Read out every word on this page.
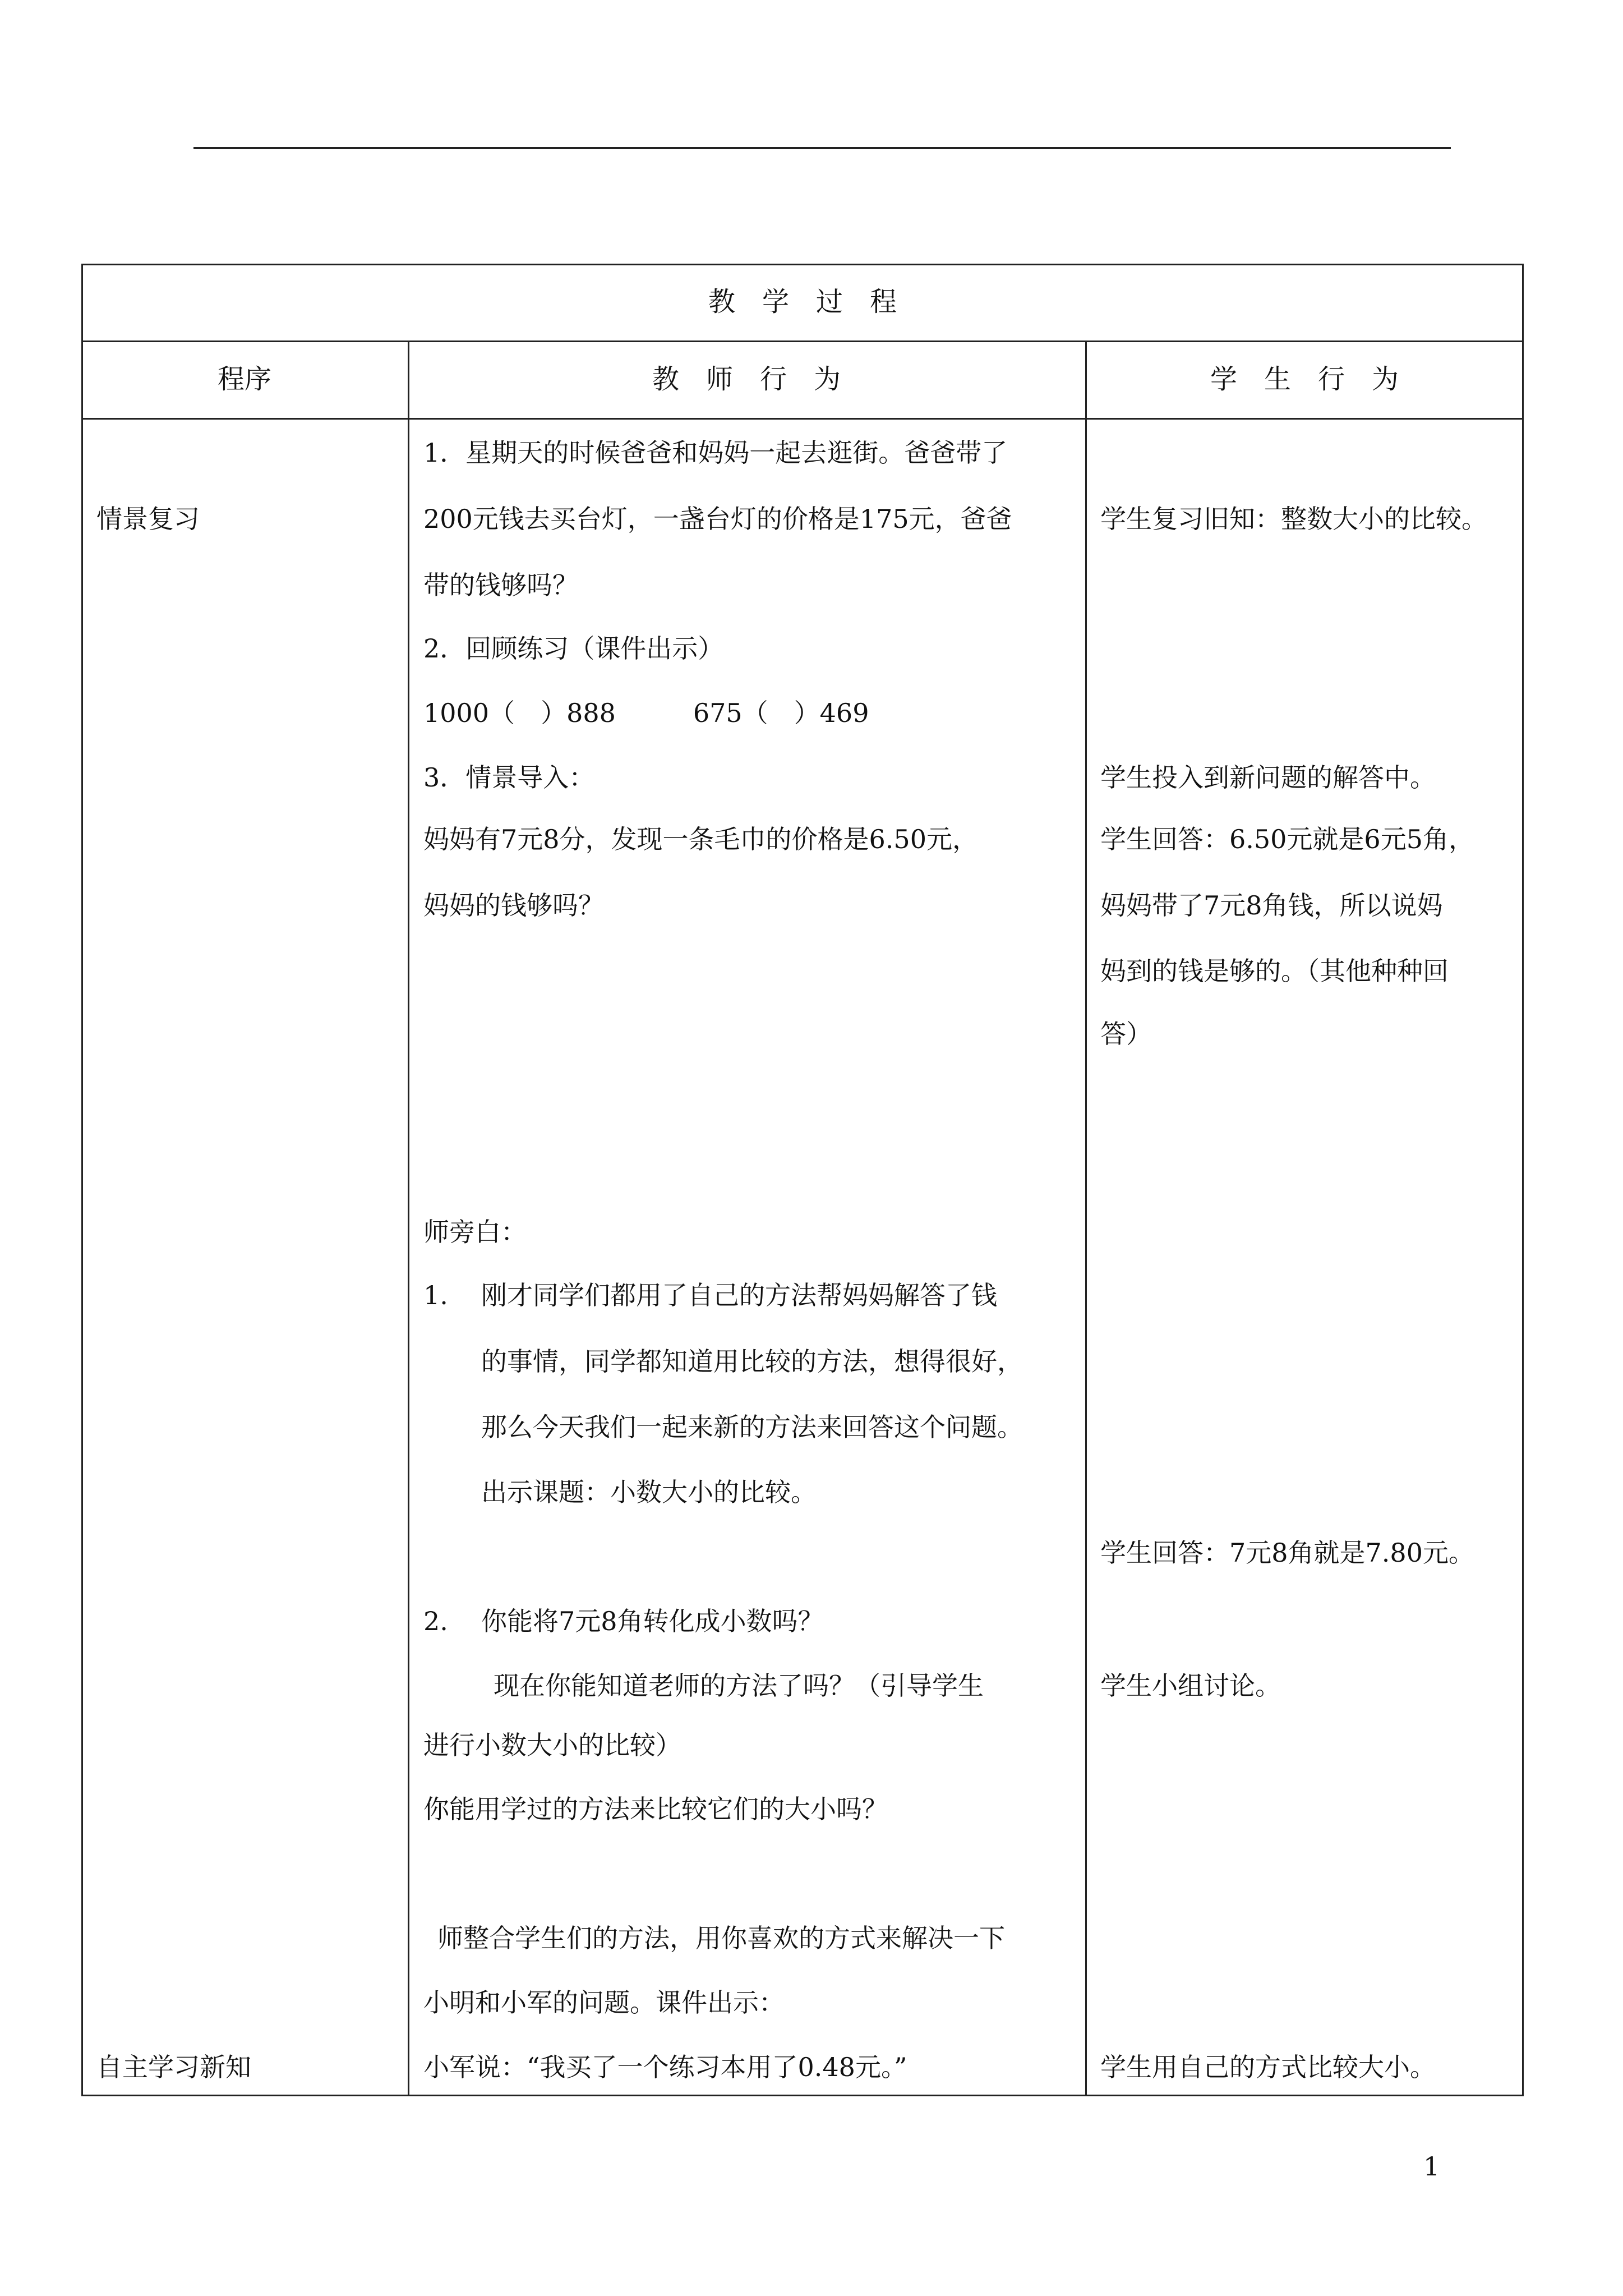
教　学　过　程
程序	教　师　行　为	学　生　行　为
情景复习
自主学习新知
1．星期天的时候爸爸和妈妈一起去逛街。爸爸带了
200元钱去买台灯，一盏台灯的价格是175元，爸爸
带的钱够吗？
2．回顾练习（课件出示）
1000（　）888　　　675（　）469
3．情景导入：
妈妈有7元8分，发现一条毛巾的价格是6.50元，
妈妈的钱够吗？
师旁白：
1. 刚才同学们都用了自己的方法帮妈妈解答了钱
的事情，同学都知道用比较的方法，想得很好，
那么今天我们一起来新的方法来回答这个问题。
出示课题：小数大小的比较。
2. 你能将7元8角转化成小数吗？
现在你能知道老师的方法了吗？（引导学生
进行小数大小的比较）
你能用学过的方法来比较它们的大小吗？
师整合学生们的方法，用你喜欢的方式来解决一下
小明和小军的问题。课件出示：
小军说：“我买了一个练习本用了0.48元。”
学生复习旧知：整数大小的比较。
学生投入到新问题的解答中。
学生回答：6.50元就是6元5角，
妈妈带了7元8角钱，所以说妈
妈到的钱是够的。（其他种种回
答）
学生回答：7元8角就是7.80元。
学生小组讨论。
学生用自己的方式比较大小。
1
